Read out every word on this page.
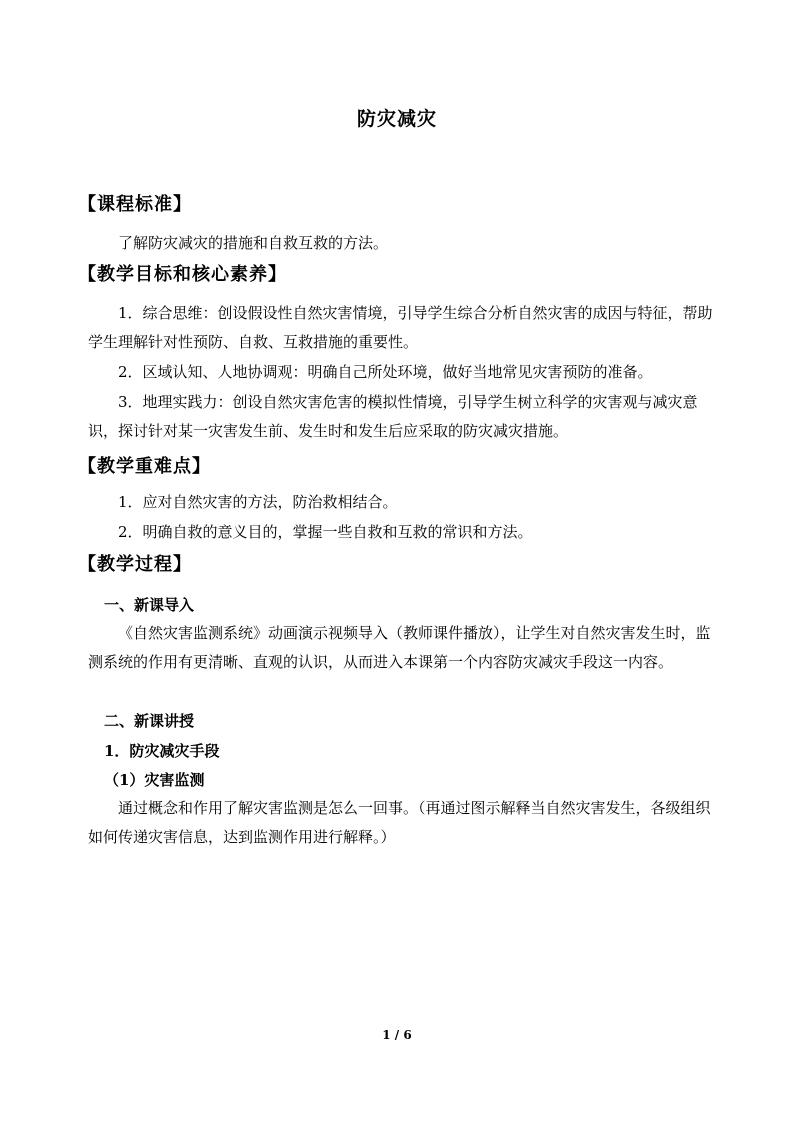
防灾减灾
【课程标准】
了解防灾减灾的措施和自救互救的方法。
【教学目标和核心素养】
1．综合思维：创设假设性自然灾害情境，引导学生综合分析自然灾害的成因与特征，帮助学生理解针对性预防、自救、互救措施的重要性。
2．区域认知、人地协调观：明确自己所处环境，做好当地常见灾害预防的准备。
3．地理实践力：创设自然灾害危害的模拟性情境，引导学生树立科学的灾害观与减灾意识，探讨针对某一灾害发生前、发生时和发生后应采取的防灾减灾措施。
【教学重难点】
1．应对自然灾害的方法，防治救相结合。
2．明确自救的意义目的，掌握一些自救和互救的常识和方法。
【教学过程】
一、新课导入
《自然灾害监测系统》动画演示视频导入（教师课件播放），让学生对自然灾害发生时，监测系统的作用有更清晰、直观的认识，从而进入本课第一个内容防灾减灾手段这一内容。
二、新课讲授
1．防灾减灾手段
（1）灾害监测
通过概念和作用了解灾害监测是怎么一回事。（再通过图示解释当自然灾害发生，各级组织如何传递灾害信息，达到监测作用进行解释。）
1 / 6
